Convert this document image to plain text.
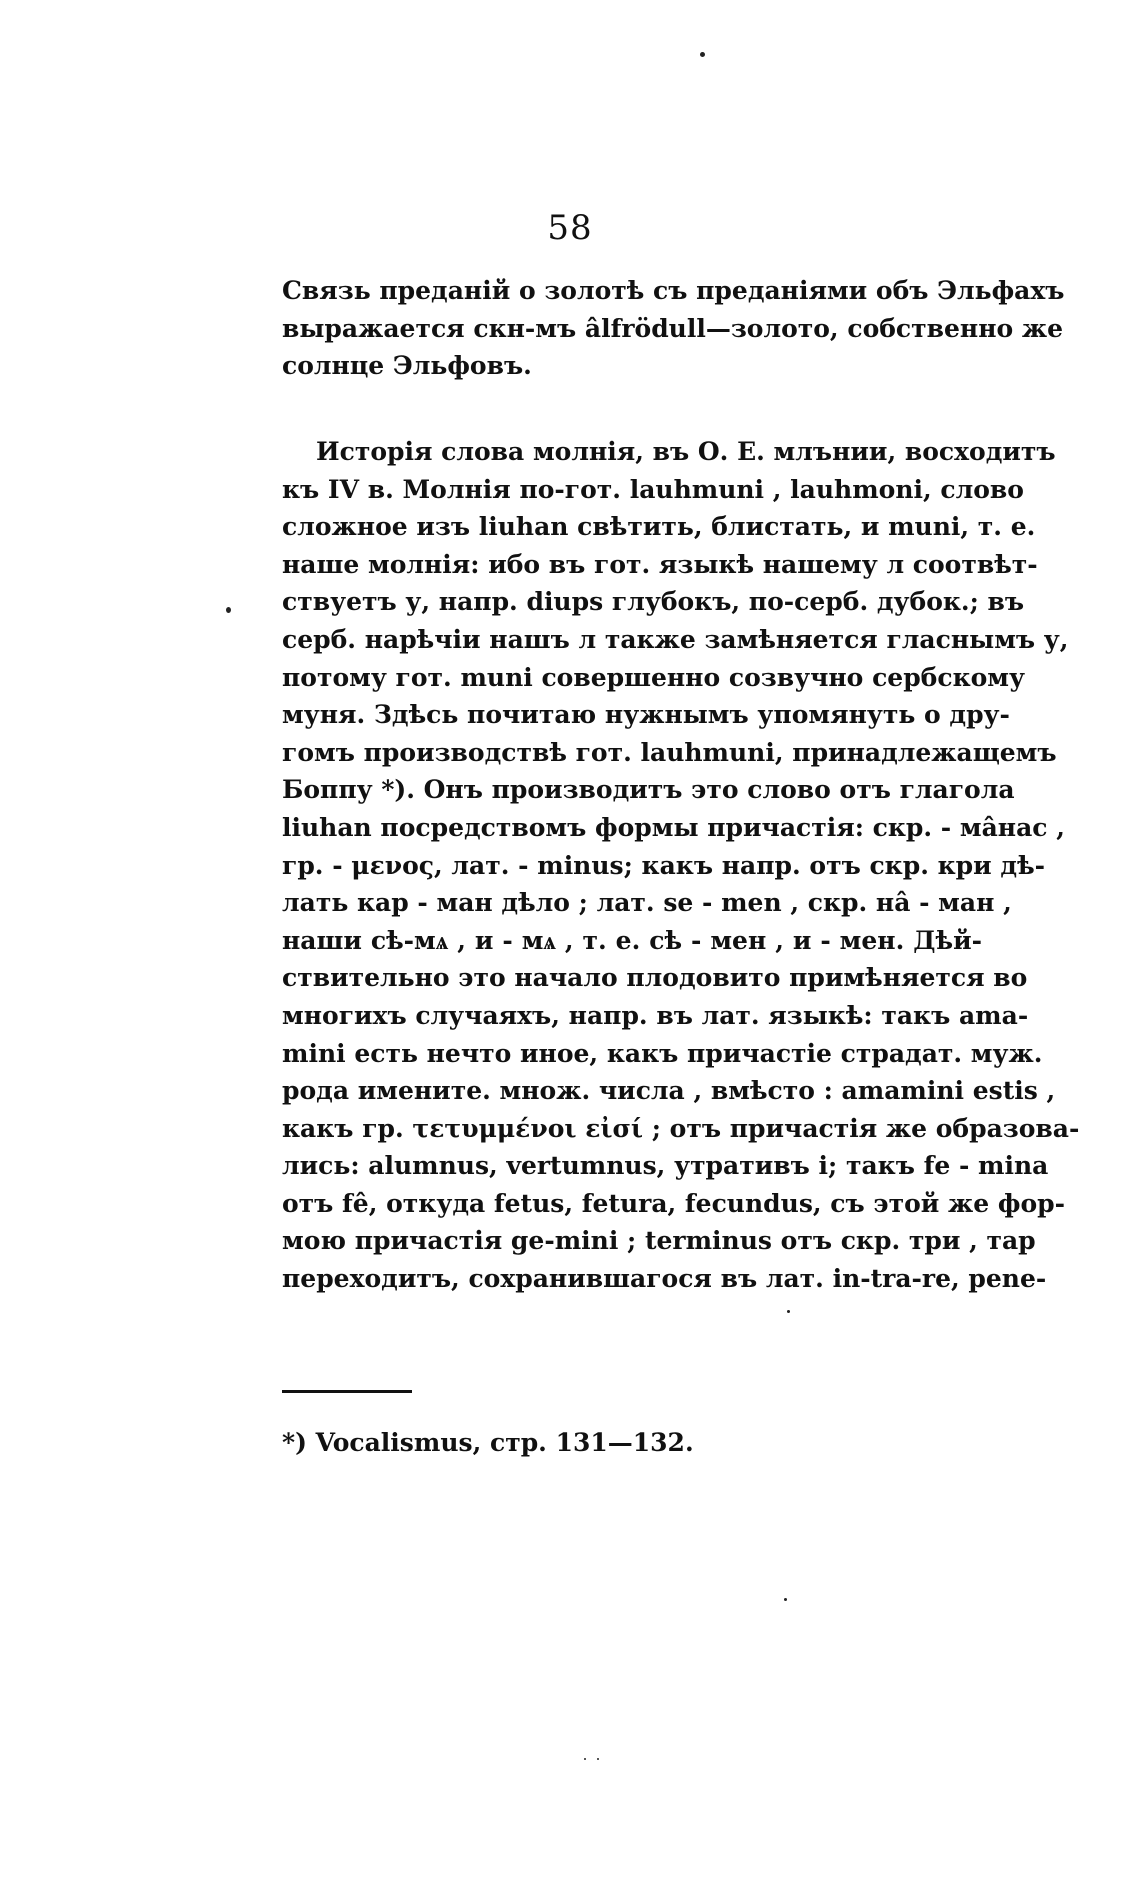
58
Связь преданій о золотѣ съ преданіями объ Эльфахъ
выражается скн-мъ âlfrödull—золото, собственно же
солнце Эльфовъ.
Исторія слова молнія, въ О. Е. млънии, восходитъ
къ IV в. Молнія по-гот. lauhmuni , lauhmoni, слово
сложное изъ liuhan свѣтить, блистать, и muni, т. е.
наше молнія: ибо въ гот. языкѣ нашему л соотвѣт-
ствуетъ у, напр. diups глубокъ, по-серб. дубок.; въ
серб. нарѣчіи нашъ л также замѣняется гласнымъ у,
потому гот. muni совершенно созвучно сербскому
муня. Здѣсь почитаю нужнымъ упомянуть о дру-
гомъ производствѣ гот. lauhmuni, принадлежащемъ
Боппу *). Онъ производитъ это слово отъ глагола
liuhan посредствомъ формы причастія: скр. - мâнас ,
гр. - μενος, лат. - minus; какъ напр. отъ скр. кри дѣ-
лать кар - ман дѣло ; лат. se - men , скр. нâ - ман ,
наши сѣ-мѧ , и - мѧ , т. е. сѣ - мен , и - мен. Дѣй-
ствительно это начало плодовито примѣняется во
многихъ случаяхъ, напр. въ лат. языкѣ: такъ ama-
mini есть нечто иное, какъ причастіе страдат. муж.
рода имените. множ. числа , вмѣсто : amamini estis ,
какъ гр. τετυμμένοι εἰσί ; отъ причастія же образова-
лись: alumnus, vertumnus, утративъ i; такъ fe - mina
отъ fê, откуда fetus, fetura, fecundus, съ этой же фор-
мою причастія ge-mini ; terminus отъ скр. три , тар
переходитъ, сохранившагося въ лат. in-tra-re, pene-
*) Vocalismus, стр. 131—132.
